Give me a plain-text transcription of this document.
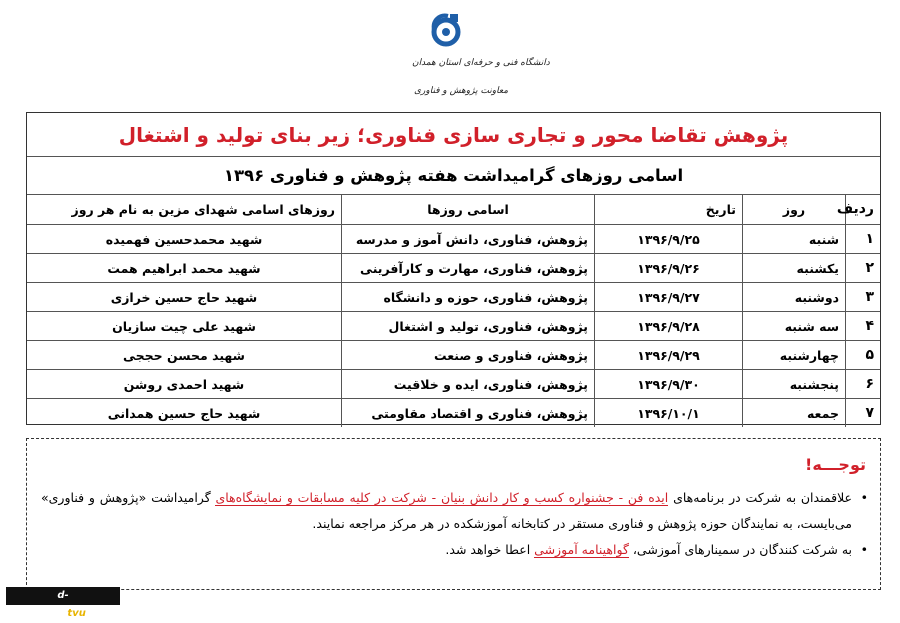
دانشگاه فنی و حرفه‌ای استان همدان
معاونت پژوهش و فناوری
پژوهش تقاضا محور و تجاری سازی فناوری؛ زیر بنای تولید و اشتغال
اسامی روزهای گرامیداشت هفته پژوهش و فناوری ۱۳۹۶
ردیف	روز	تاریخ	اسامی روزها	روزهای اسامی شهدای مزین به نام هر روز
۱	شنبه	۱۳۹۶/۹/۲۵	پژوهش، فناوری، دانش آموز و مدرسه	شهید محمدحسین فهمیده
۲	یکشنبه	۱۳۹۶/۹/۲۶	پژوهش، فناوری، مهارت و کارآفرینی	شهید محمد ابراهیم همت
۳	دوشنبه	۱۳۹۶/۹/۲۷	پژوهش، فناوری، حوزه و دانشگاه	شهید حاج حسین خرازی
۴	سه شنبه	۱۳۹۶/۹/۲۸	پژوهش، فناوری، تولید و اشتغال	شهید علی چیت سازیان
۵	چهارشنبه	۱۳۹۶/۹/۲۹	پژوهش، فناوری و صنعت	شهید محسن حججی
۶	پنجشنبه	۱۳۹۶/۹/۳۰	پژوهش، فناوری، ایده و خلاقیت	شهید احمدی روشن
۷	جمعه	۱۳۹۶/۱۰/۱	پژوهش، فناوری و اقتصاد مقاومتی	شهید حاج حسین همدانی
توجـــه!
•
علاقمندان به شرکت در برنامه‌های ایده فن - جشنواره کسب و کار دانش بنیان - شرکت در کلیه مسابقات و نمایشگاه‌های گرامیداشت «پژوهش و فناوری» می‌بایست، به نمایندگان حوزه پژوهش و فناوری مستقر در کتابخانه آموزشکده در هر مرکز مراجعه نمایند.
•
به شرکت کنندگان در سمینارهای آموزشی، گواهینامه آموزشی اعطا خواهد شد.
d-hamedan.tvu.ac.ir
